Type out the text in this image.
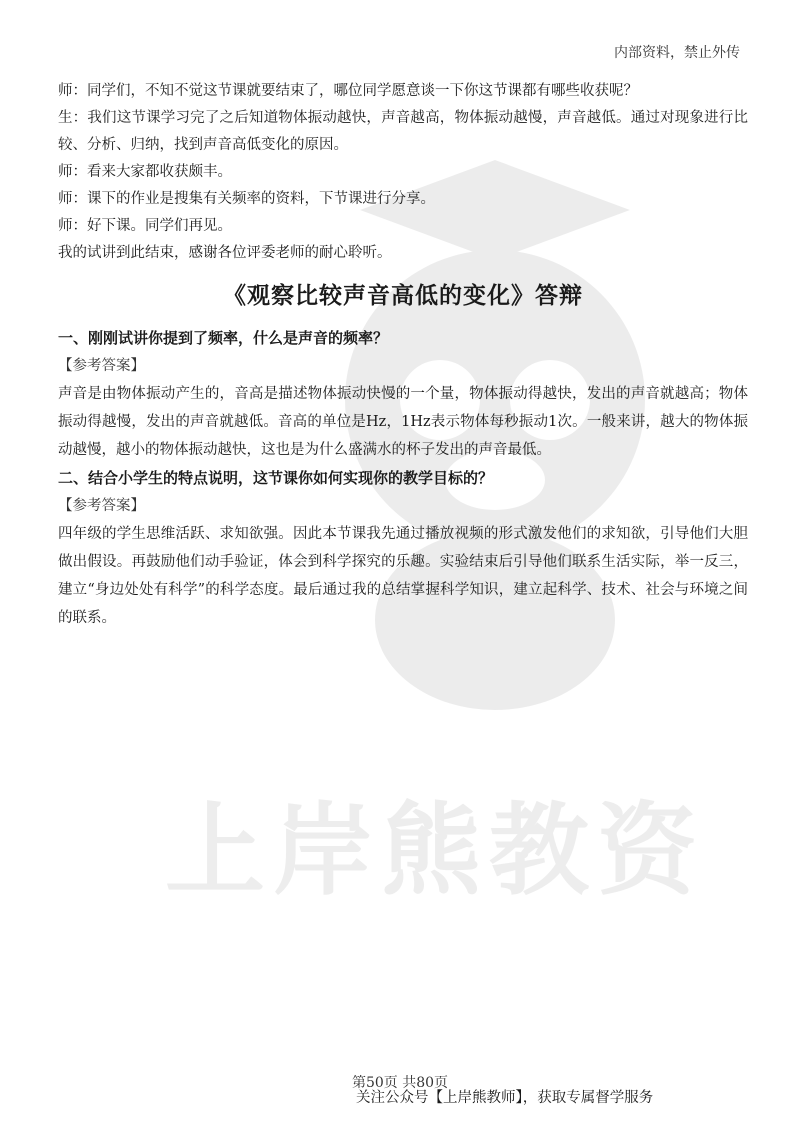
上岸熊教资
内部资料，禁止外传

师：同学们，不知不觉这节课就要结束了，哪位同学愿意谈一下你这节课都有哪些收获呢？

生：我们这节课学习完了之后知道物体振动越快，声音越高，物体振动越慢，声音越低。通过对现象进行比较、分析、归纳，找到声音高低变化的原因。

师：看来大家都收获颇丰。

师：课下的作业是搜集有关频率的资料，下节课进行分享。

师：好下课。同学们再见。

我的试讲到此结束，感谢各位评委老师的耐心聆听。

《观察比较声音高低的变化》答辩

一、刚刚试讲你提到了频率，什么是声音的频率？

【参考答案】

声音是由物体振动产生的，音高是描述物体振动快慢的一个量，物体振动得越快，发出的声音就越高；物体振动得越慢，发出的声音就越低。音高的单位是Hz，1Hz表示物体每秒振动1次。一般来讲，越大的物体振动越慢，越小的物体振动越快，这也是为什么盛满水的杯子发出的声音最低。

二、结合小学生的特点说明，这节课你如何实现你的教学目标的？

【参考答案】

四年级的学生思维活跃、求知欲强。因此本节课我先通过播放视频的形式激发他们的求知欲，引导他们大胆做出假设。再鼓励他们动手验证，体会到科学探究的乐趣。实验结束后引导他们联系生活实际，举一反三，建立“身边处处有科学”的科学态度。最后通过我的总结掌握科学知识，建立起科学、技术、社会与环境之间的联系。

第50页 共80页
关注公众号【上岸熊教师】，获取专属督学服务
